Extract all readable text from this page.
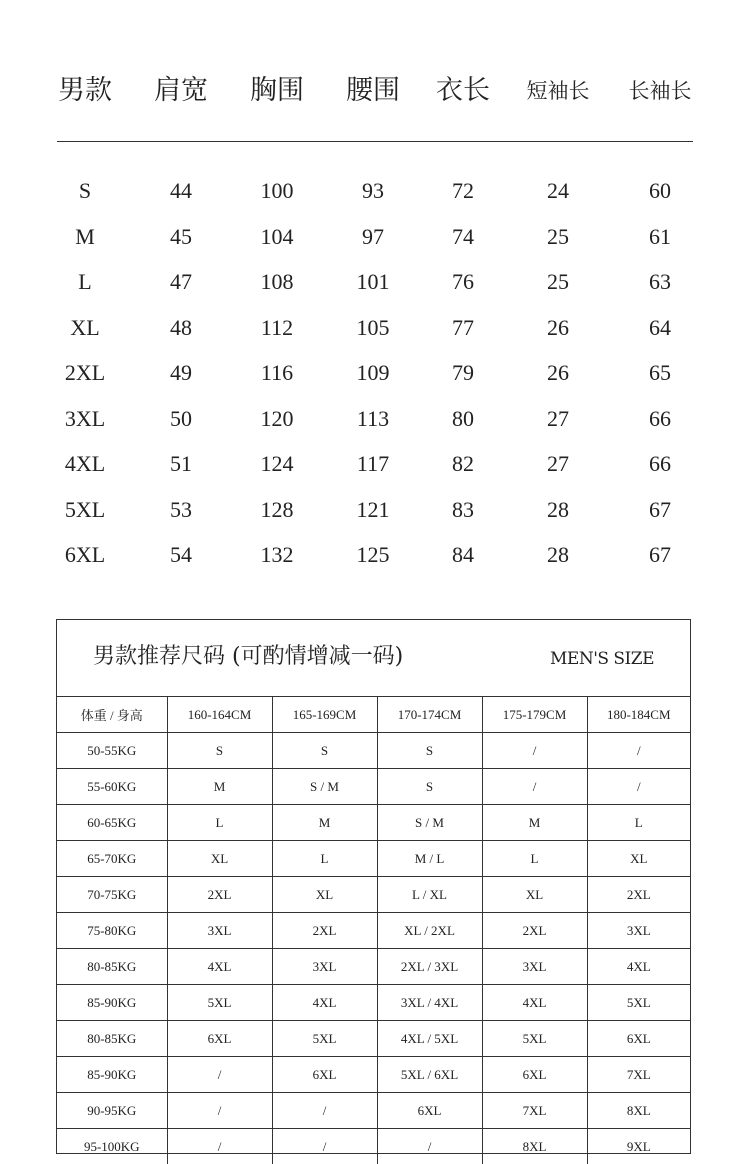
男款 肩宽 胸围 腰围 衣长 短袖长 长袖长
S	44	100	93	72	24	60
M	45	104	97	74	25	61
L	47	108	101	76	25	63
XL	48	112	105	77	26	64
2XL	49	116	109	79	26	65
3XL	50	120	113	80	27	66
4XL	51	124	117	82	27	66
5XL	53	128	121	83	28	67
6XL	54	132	125	84	28	67
男款推荐尺码 (可酌情增减一码)	MEN'S SIZE
体重 / 身高	160-164CM	165-169CM	170-174CM	175-179CM	180-184CM
50-55KG	S	S	S	/	/
55-60KG	M	S / M	S	/	/
60-65KG	L	M	S / M	M	L
65-70KG	XL	L	M / L	L	XL
70-75KG	2XL	XL	L / XL	XL	2XL
75-80KG	3XL	2XL	XL / 2XL	2XL	3XL
80-85KG	4XL	3XL	2XL / 3XL	3XL	4XL
85-90KG	5XL	4XL	3XL / 4XL	4XL	5XL
80-85KG	6XL	5XL	4XL / 5XL	5XL	6XL
85-90KG	/	6XL	5XL / 6XL	6XL	7XL
90-95KG	/	/	6XL	7XL	8XL
95-100KG	/	/	/	8XL	9XL
